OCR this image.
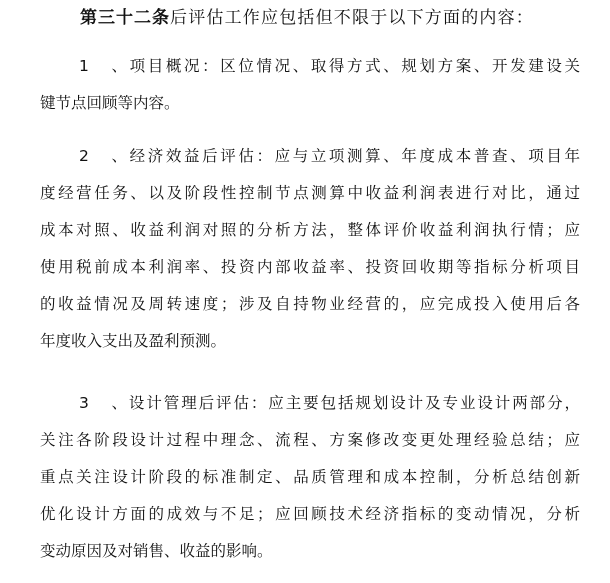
第三十二条后评估工作应包括但不限于以下方面的内容：
1、项目概况：区位情况、取得方式、规划方案、开发建设关
键节点回顾等内容。
2、经济效益后评估：应与立项测算、年度成本普查、项目年
度经营任务、以及阶段性控制节点测算中收益利润表进行对比，通过
成本对照、收益利润对照的分析方法，整体评价收益利润执行情；应
使用税前成本利润率、投资内部收益率、投资回收期等指标分析项目
的收益情况及周转速度；涉及自持物业经营的，应完成投入使用后各
年度收入支出及盈利预测。
3、设计管理后评估：应主要包括规划设计及专业设计两部分，
关注各阶段设计过程中理念、流程、方案修改变更处理经验总结；应
重点关注设计阶段的标准制定、品质管理和成本控制，分析总结创新
优化设计方面的成效与不足；应回顾技术经济指标的变动情况，分析
变动原因及对销售、收益的影响。
